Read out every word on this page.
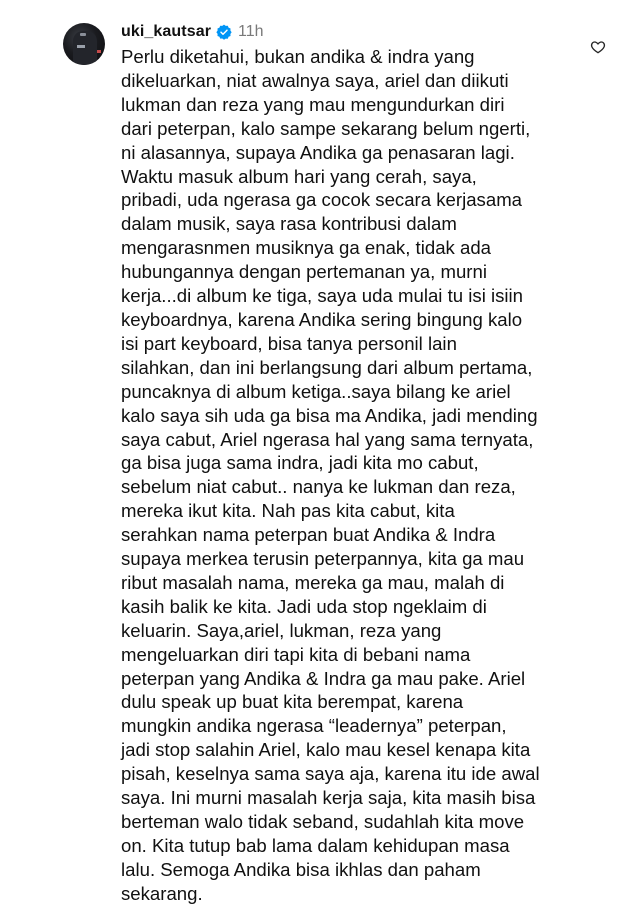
uki_kautsar 11h
Perlu diketahui, bukan andika & indra yang
dikeluarkan, niat awalnya saya, ariel dan diikuti
lukman dan reza yang mau mengundurkan diri
dari peterpan, kalo sampe sekarang belum ngerti,
ni alasannya, supaya Andika ga penasaran lagi.
Waktu masuk album hari yang cerah, saya,
pribadi, uda ngerasa ga cocok secara kerjasama
dalam musik, saya rasa kontribusi dalam
mengarasnmen musiknya ga enak, tidak ada
hubungannya dengan pertemanan ya, murni
kerja...di album ke tiga, saya uda mulai tu isi isiin
keyboardnya, karena Andika sering bingung kalo
isi part keyboard, bisa tanya personil lain
silahkan, dan ini berlangsung dari album pertama,
puncaknya di album ketiga..saya bilang ke ariel
kalo saya sih uda ga bisa ma Andika, jadi mending
saya cabut, Ariel ngerasa hal yang sama ternyata,
ga bisa juga sama indra, jadi kita mo cabut,
sebelum niat cabut.. nanya ke lukman dan reza,
mereka ikut kita. Nah pas kita cabut, kita
serahkan nama peterpan buat Andika & Indra
supaya merkea terusin peterpannya, kita ga mau
ribut masalah nama, mereka ga mau, malah di
kasih balik ke kita. Jadi uda stop ngeklaim di
keluarin. Saya,ariel, lukman, reza yang
mengeluarkan diri tapi kita di bebani nama
peterpan yang Andika & Indra ga mau pake. Ariel
dulu speak up buat kita berempat, karena
mungkin andika ngerasa “leadernya” peterpan,
jadi stop salahin Ariel, kalo mau kesel kenapa kita
pisah, keselnya sama saya aja, karena itu ide awal
saya. Ini murni masalah kerja saja, kita masih bisa
berteman walo tidak seband, sudahlah kita move
on. Kita tutup bab lama dalam kehidupan masa
lalu. Semoga Andika bisa ikhlas dan paham
sekarang.
